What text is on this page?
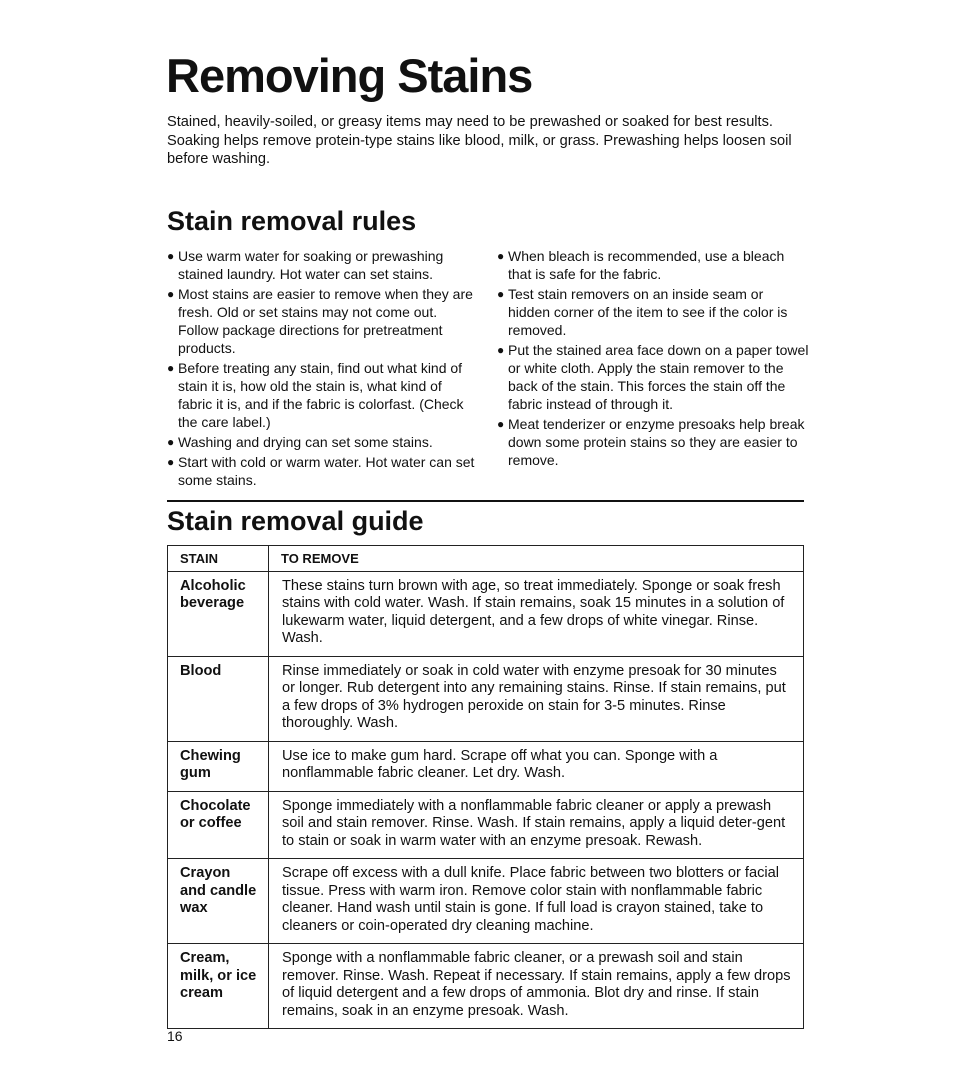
Removing Stains

Stained, heavily-soiled, or greasy items may need to be prewashed or soaked for best results. Soaking helps remove protein-type stains like blood, milk, or grass. Prewashing helps loosen soil before washing.

Stain removal rules
● Use warm water for soaking or prewashing stained laundry. Hot water can set stains.
● Most stains are easier to remove when they are fresh. Old or set stains may not come out. Follow package directions for pretreatment products.
● Before treating any stain, find out what kind of stain it is, how old the stain is, what kind of fabric it is, and if the fabric is colorfast. (Check the care label.)
● Washing and drying can set some stains.
● Start with cold or warm water. Hot water can set some stains.
● When bleach is recommended, use a bleach that is safe for the fabric.
● Test stain removers on an inside seam or hidden corner of the item to see if the color is removed.
● Put the stained area face down on a paper towel or white cloth. Apply the stain remover to the back of the stain. This forces the stain off the fabric instead of through it.
● Meat tenderizer or enzyme presoaks help break down some protein stains so they are easier to remove.
Stain removal guide
STAIN	TO REMOVE
Alcoholic beverage	These stains turn brown with age, so treat immediately. Sponge or soak fresh stains with cold water. Wash. If stain remains, soak 15 minutes in a solution of lukewarm water, liquid detergent, and a few drops of white vinegar. Rinse. Wash.
Blood	Rinse immediately or soak in cold water with enzyme presoak for 30 minutes or longer. Rub detergent into any remaining stains. Rinse. If stain remains, put a few drops of 3% hydrogen peroxide on stain for 3-5 minutes. Rinse thoroughly. Wash.
Chewing gum	Use ice to make gum hard. Scrape off what you can. Sponge with a nonflammable fabric cleaner. Let dry. Wash.
Chocolate or coffee	Sponge immediately with a nonflammable fabric cleaner or apply a prewash soil and stain remover. Rinse. Wash. If stain remains, apply a liquid deter-gent to stain or soak in warm water with an enzyme presoak. Rewash.
Crayon and candle wax	Scrape off excess with a dull knife. Place fabric between two blotters or facial tissue. Press with warm iron. Remove color stain with nonflammable fabric cleaner. Hand wash until stain is gone. If full load is crayon stained, take to cleaners or coin-operated dry cleaning machine.
Cream, milk, or ice cream	Sponge with a nonflammable fabric cleaner, or a prewash soil and stain remover. Rinse. Wash. Repeat if necessary. If stain remains, apply a few drops of liquid detergent and a few drops of ammonia. Blot dry and rinse. If stain remains, soak in an enzyme presoak. Wash.
16
